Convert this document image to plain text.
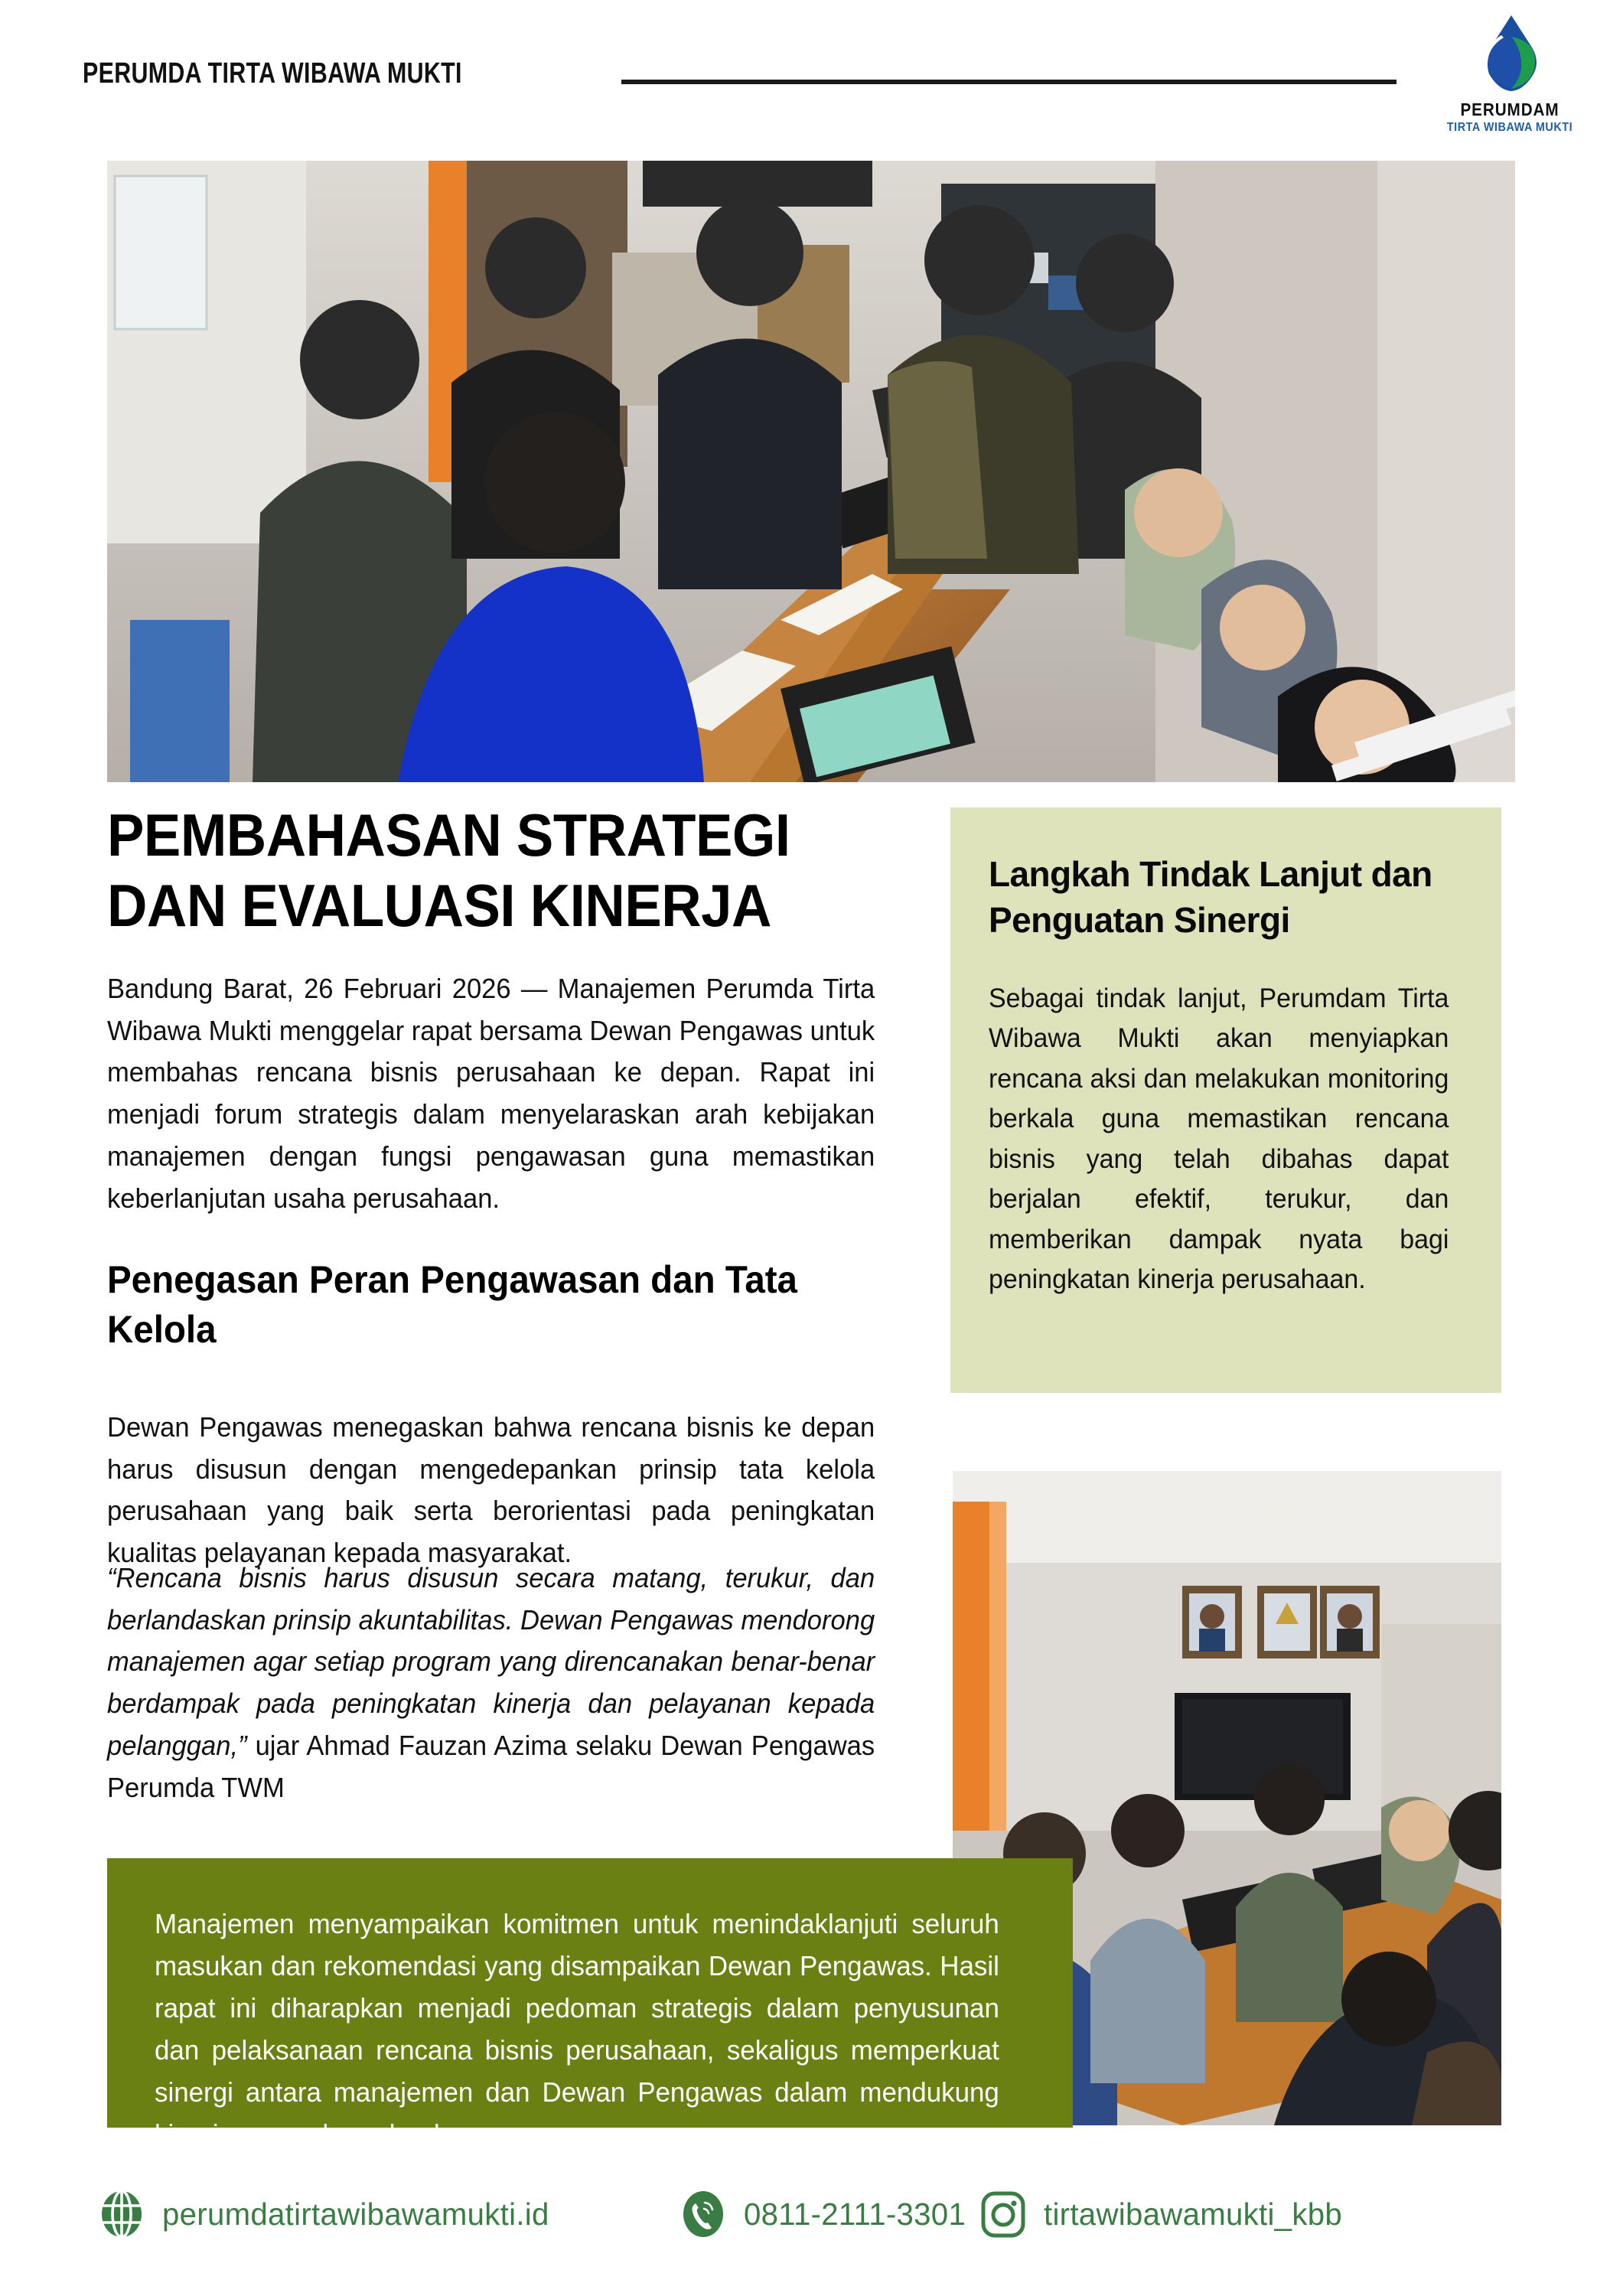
PERUMDA TIRTA WIBAWA MUKTI
PERUMDAM
TIRTA WIBAWA MUKTI
PEMBAHASAN STRATEGI DAN EVALUASI KINERJA

Bandung Barat, 26 Februari 2026 — Manajemen Perumda Tirta Wibawa Mukti menggelar rapat bersama Dewan Pengawas untuk membahas rencana bisnis perusahaan ke depan. Rapat ini menjadi forum strategis dalam menyelaraskan arah kebijakan manajemen dengan fungsi pengawasan guna memastikan keberlanjutan usaha perusahaan.

Penegasan Peran Pengawasan dan Tata Kelola

Dewan Pengawas menegaskan bahwa rencana bisnis ke depan harus disusun dengan mengedepankan prinsip tata kelola perusahaan yang baik serta berorientasi pada peningkatan kualitas pelayanan kepada masyarakat.

“Rencana bisnis harus disusun secara matang, terukur, dan berlandaskan prinsip akuntabilitas. Dewan Pengawas mendorong manajemen agar setiap program yang direncanakan benar-benar berdampak pada peningkatan kinerja dan pelayanan kepada pelanggan,” ujar Ahmad Fauzan Azima selaku Dewan Pengawas Perumda TWM

Langkah Tindak Lanjut dan Penguatan Sinergi

Sebagai tindak lanjut, Perumdam Tirta Wibawa Mukti akan menyiapkan rencana aksi dan melakukan monitoring berkala guna memastikan rencana bisnis yang telah dibahas dapat berjalan efektif, terukur, dan memberikan dampak nyata bagi peningkatan kinerja perusahaan.

Manajemen menyampaikan komitmen untuk menindaklanjuti seluruh masukan dan rekomendasi yang disampaikan Dewan Pengawas. Hasil rapat ini diharapkan menjadi pedoman strategis dalam penyusunan dan pelaksanaan rencana bisnis perusahaan, sekaligus memperkuat sinergi antara manajemen dan Dewan Pengawas dalam mendukung kinerja perusahaan ke depan.

perumdatirtawibawamukti.id	0811-2111-3301 tirtawibawamukti_kbb
